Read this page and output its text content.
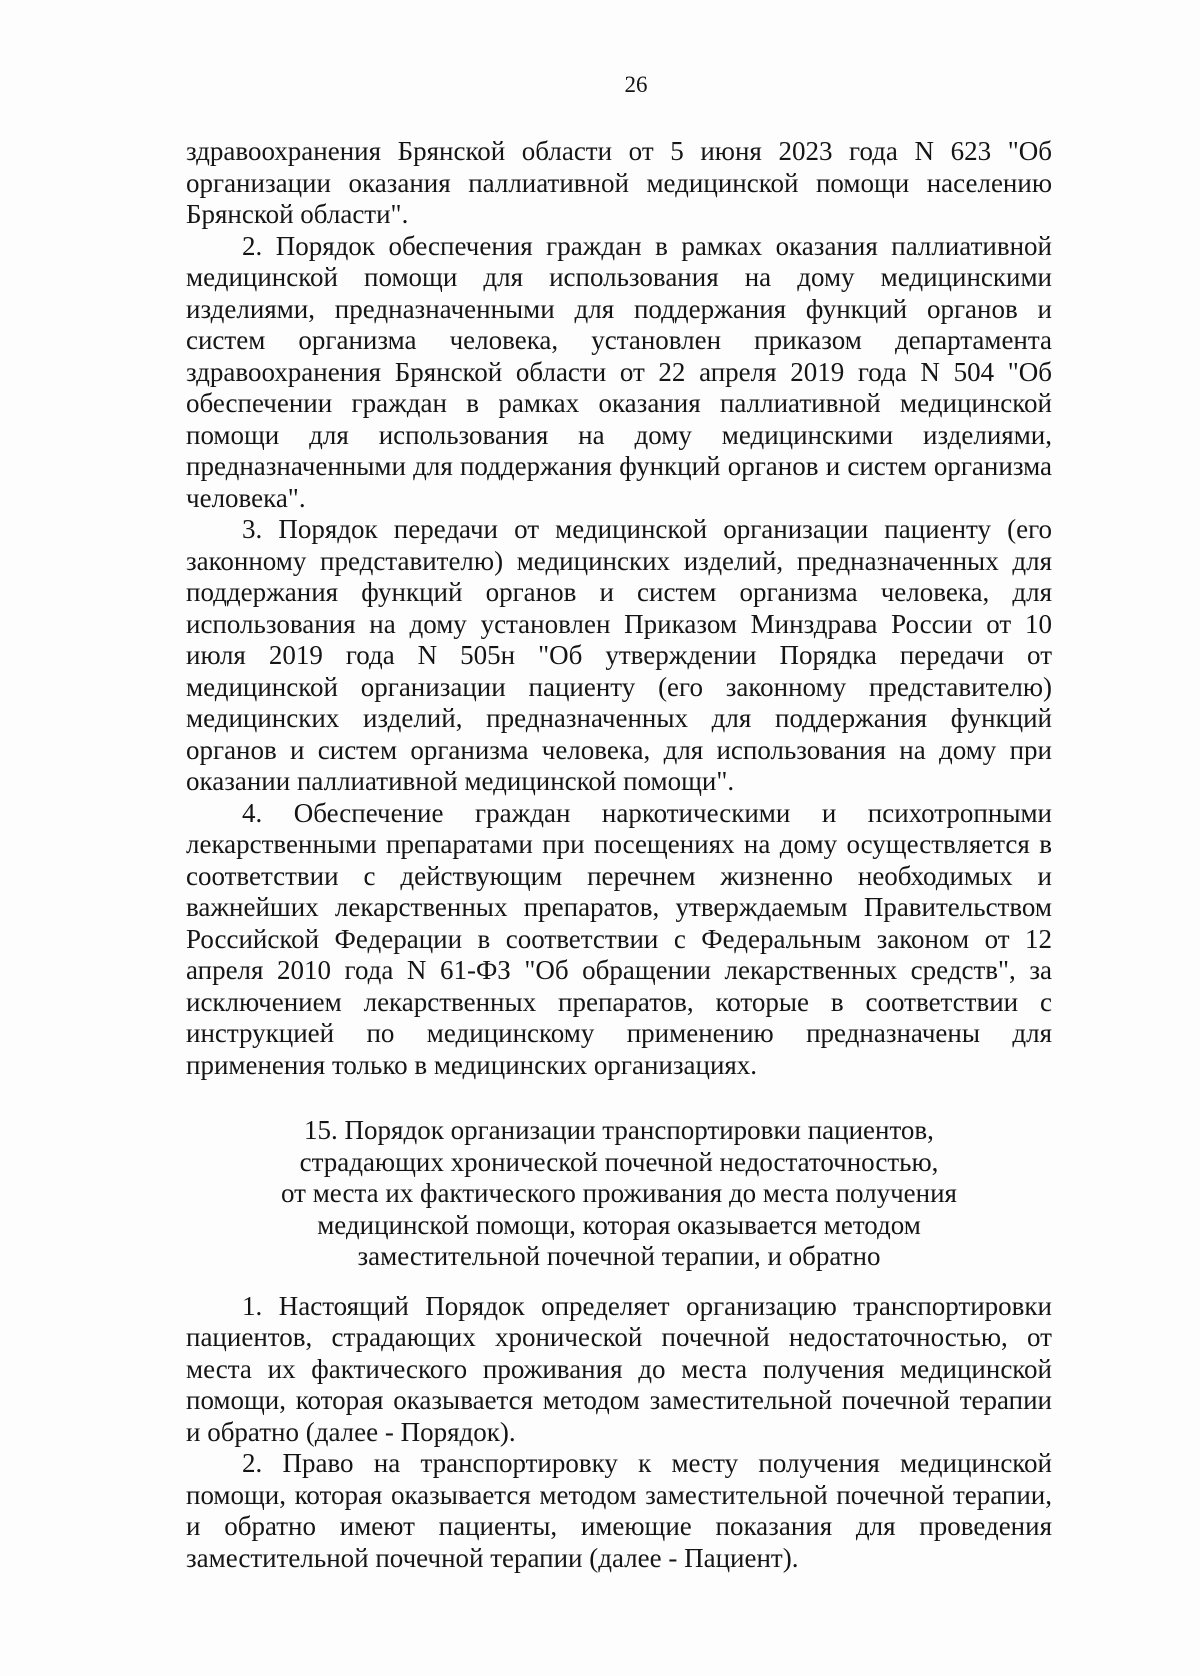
26

здравоохранения Брянской области от 5 июня 2023 года N 623 "Об организации оказания паллиативной медицинской помощи населению Брянской области".

2. Порядок обеспечения граждан в рамках оказания паллиативной медицинской помощи для использования на дому медицинскими изделиями, предназначенными для поддержания функций органов и систем организма человека, установлен приказом департамента здравоохранения Брянской области от 22 апреля 2019 года N 504 "Об обеспечении граждан в рамках оказания паллиативной медицинской помощи для использования на дому медицинскими изделиями, предназначенными для поддержания функций органов и систем организма человека".

3. Порядок передачи от медицинской организации пациенту (его законному представителю) медицинских изделий, предназначенных для поддержания функций органов и систем организма человека, для использования на дому установлен Приказом Минздрава России от 10 июля 2019 года N 505н "Об утверждении Порядка передачи от медицинской организации пациенту (его законному представителю) медицинских изделий, предназначенных для поддержания функций органов и систем организма человека, для использования на дому при оказании паллиативной медицинской помощи".

4. Обеспечение граждан наркотическими и психотропными лекарственными препаратами при посещениях на дому осуществляется в соответствии с действующим перечнем жизненно необходимых и важнейших лекарственных препаратов, утверждаемым Правительством Российской Федерации в соответствии с Федеральным законом от 12 апреля 2010 года N 61-ФЗ "Об обращении лекарственных средств", за исключением лекарственных препаратов, которые в соответствии с инструкцией по медицинскому применению предназначены для применения только в медицинских организациях.

15. Порядок организации транспортировки пациентов,
страдающих хронической почечной недостаточностью,
от места их фактического проживания до места получения
медицинской помощи, которая оказывается методом
заместительной почечной терапии, и обратно

1. Настоящий Порядок определяет организацию транспортировки пациентов, страдающих хронической почечной недостаточностью, от места их фактического проживания до места получения медицинской помощи, которая оказывается методом заместительной почечной терапии и обратно (далее - Порядок).

2. Право на транспортировку к месту получения медицинской помощи, которая оказывается методом заместительной почечной терапии, и обратно имеют пациенты, имеющие показания для проведения заместительной почечной терапии (далее - Пациент).
